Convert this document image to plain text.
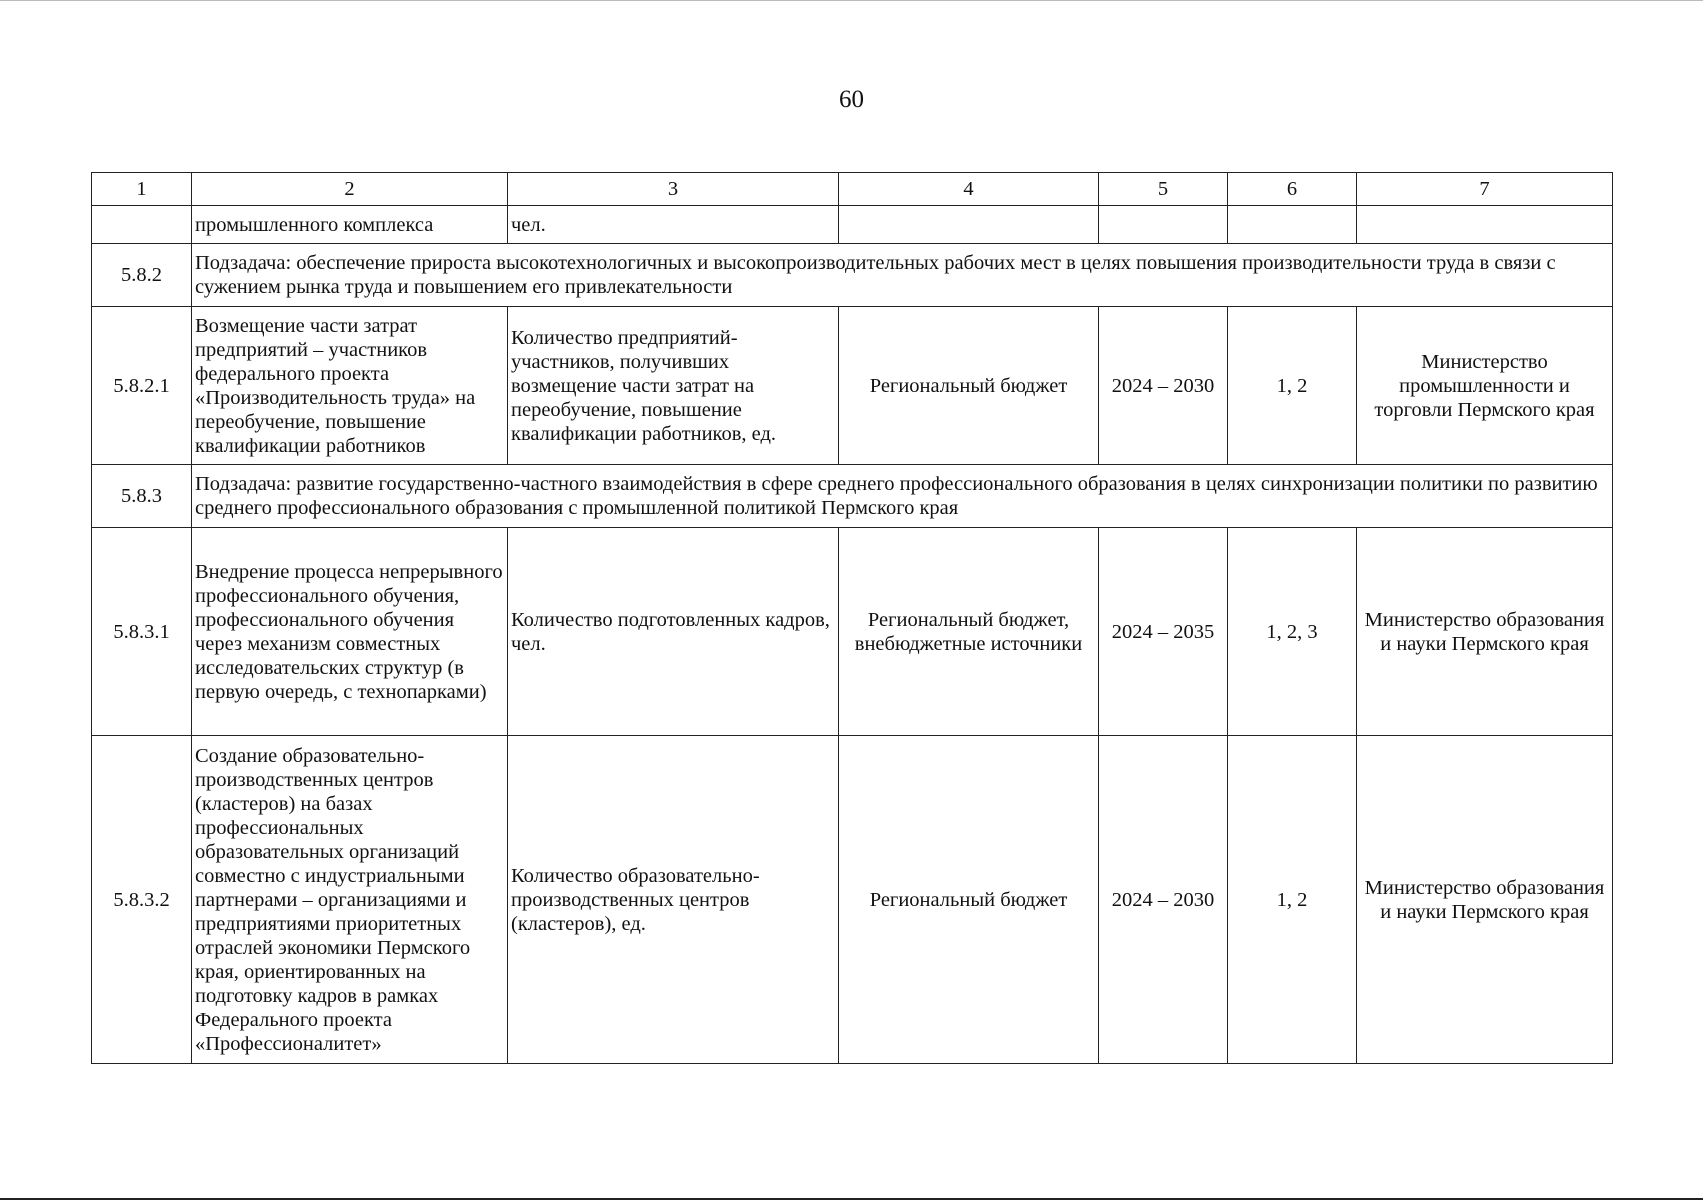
60
1	2	3	4	5	6	7
	промышленного комплекса	чел.				
5.8.2	Подзадача: обеспечение прироста высокотехнологичных и высокопроизводительных рабочих мест в целях повышения производительности труда в связи с сужением рынка труда и повышением его привлекательности					
5.8.2.1	Возмещение части затрат предприятий – участников федерального проекта «Производительность труда» на переобучение, повышение квалификации работников	Количество предприятий-участников, получивших возмещение части затрат на переобучение, повышение квалификации работников, ед.	Региональный бюджет	2024 – 2030	1, 2	Министерство промышленности и торговли Пермского края
5.8.3	Подзадача: развитие государственно-частного взаимодействия в сфере среднего профессионального образования в целях синхронизации политики по развитию среднего профессионального образования с промышленной политикой Пермского края					
5.8.3.1	Внедрение процесса непрерывного профессионального обучения, профессионального обучения через механизм совместных исследовательских структур (в первую очередь, с технопарками)	Количество подготовленных кадров, чел.	Региональный бюджет, внебюджетные источники	2024 – 2035	1, 2, 3	Министерство образования и науки Пермского края
5.8.3.2	Создание образовательно-производственных центров (кластеров) на базах профессиональных образовательных организаций совместно с индустриальными партнерами – организациями и предприятиями приоритетных отраслей экономики Пермского края, ориентированных на подготовку кадров в рамках Федерального проекта «Профессионалитет»	Количество образовательно-производственных центров (кластеров), ед.	Региональный бюджет	2024 – 2030	1, 2	Министерство образования и науки Пермского края
